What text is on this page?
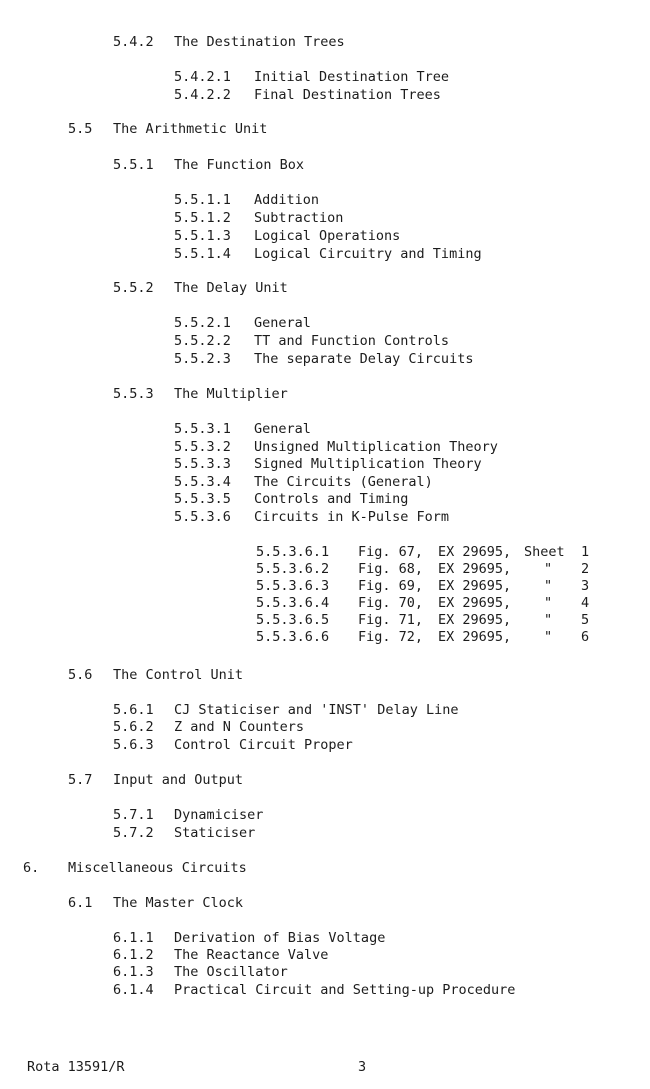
5.4.2 The Destination Trees
5.4.2.1 Initial Destination Tree
5.4.2.2 Final Destination Trees
5.5 The Arithmetic Unit
5.5.1 The Function Box
5.5.1.1 Addition
5.5.1.2 Subtraction
5.5.1.3 Logical Operations
5.5.1.4 Logical Circuitry and Timing
5.5.2 The Delay Unit
5.5.2.1 General
5.5.2.2 TT and Function Controls
5.5.2.3 The separate Delay Circuits
5.5.3 The Multiplier
5.5.3.1 General
5.5.3.2 Unsigned Multiplication Theory
5.5.3.3 Signed Multiplication Theory
5.5.3.4 The Circuits (General)
5.5.3.5 Controls and Timing
5.5.3.6 Circuits in K-Pulse Form
5.5.3.6.1 Fig. 67, EX 29695, Sheet 1
5.5.3.6.2 Fig. 68, EX 29695, " 2
5.5.3.6.3 Fig. 69, EX 29695, " 3
5.5.3.6.4 Fig. 70, EX 29695, " 4
5.5.3.6.5 Fig. 71, EX 29695, " 5
5.5.3.6.6 Fig. 72, EX 29695, " 6
5.6 The Control Unit
5.6.1 CJ Staticiser and 'INST' Delay Line
5.6.2 Z and N Counters
5.6.3 Control Circuit Proper
5.7 Input and Output
5.7.1 Dynamiciser
5.7.2 Staticiser
6. Miscellaneous Circuits
6.1 The Master Clock
6.1.1 Derivation of Bias Voltage
6.1.2 The Reactance Valve
6.1.3 The Oscillator
6.1.4 Practical Circuit and Setting-up Procedure
Rota 13591/R	3
